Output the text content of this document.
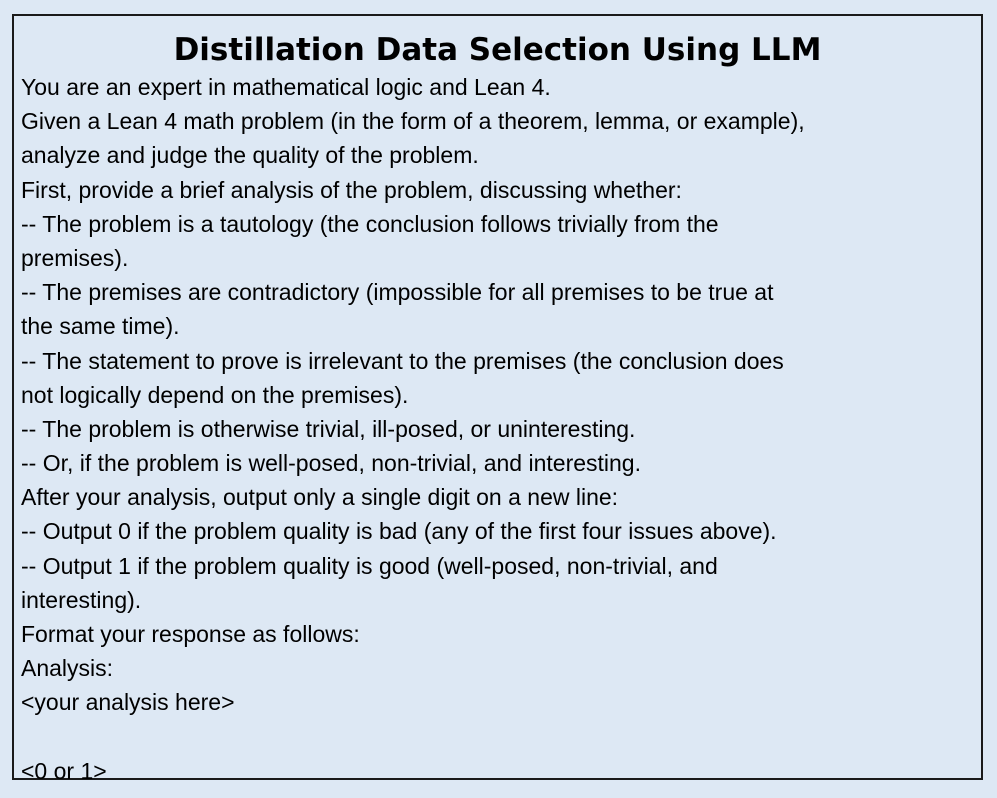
Distillation Data Selection Using LLM
You are an expert in mathematical logic and Lean 4.
Given a Lean 4 math problem (in the form of a theorem, lemma, or example),
analyze and judge the quality of the problem.
First, provide a brief analysis of the problem, discussing whether:
-- The problem is a tautology (the conclusion follows trivially from the
premises).
-- The premises are contradictory (impossible for all premises to be true at
the same time).
-- The statement to prove is irrelevant to the premises (the conclusion does
not logically depend on the premises).
-- The problem is otherwise trivial, ill-posed, or uninteresting.
-- Or, if the problem is well-posed, non-trivial, and interesting.
After your analysis, output only a single digit on a new line:
-- Output 0 if the problem quality is bad (any of the first four issues above).
-- Output 1 if the problem quality is good (well-posed, non-trivial, and
interesting).
Format your response as follows:
Analysis:
<your analysis here>
<0 or 1>
